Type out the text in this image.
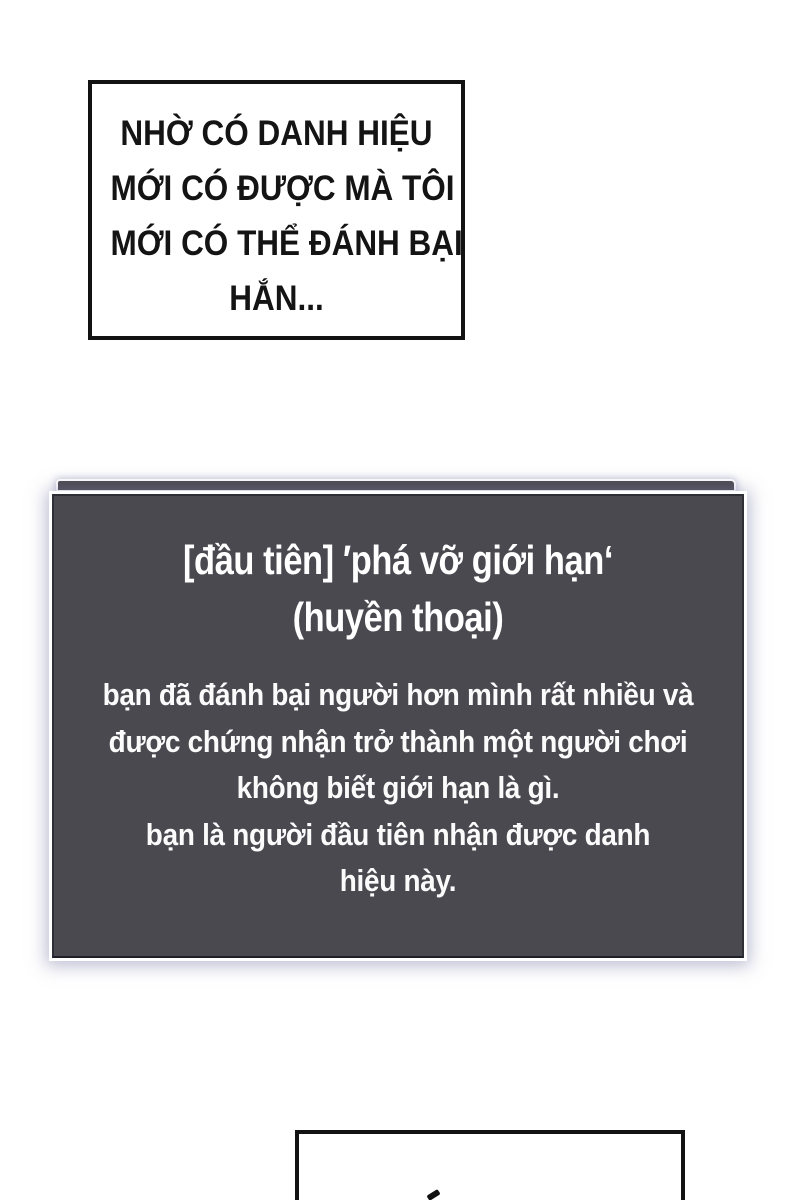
NHỜ CÓ DANH HIỆU
MỚI CÓ ĐƯỢC MÀ TÔI
MỚI CÓ THỂ ĐÁNH BẠI
HẮN...
[đầu tiên] ′phá vỡ giới hạn‘
(huyền thoại)
bạn đã đánh bại người hơn mình rất nhiều và
được chứng nhận trở thành một người chơi
không biết giới hạn là gì.
bạn là người đầu tiên nhận được danh
hiệu này.
